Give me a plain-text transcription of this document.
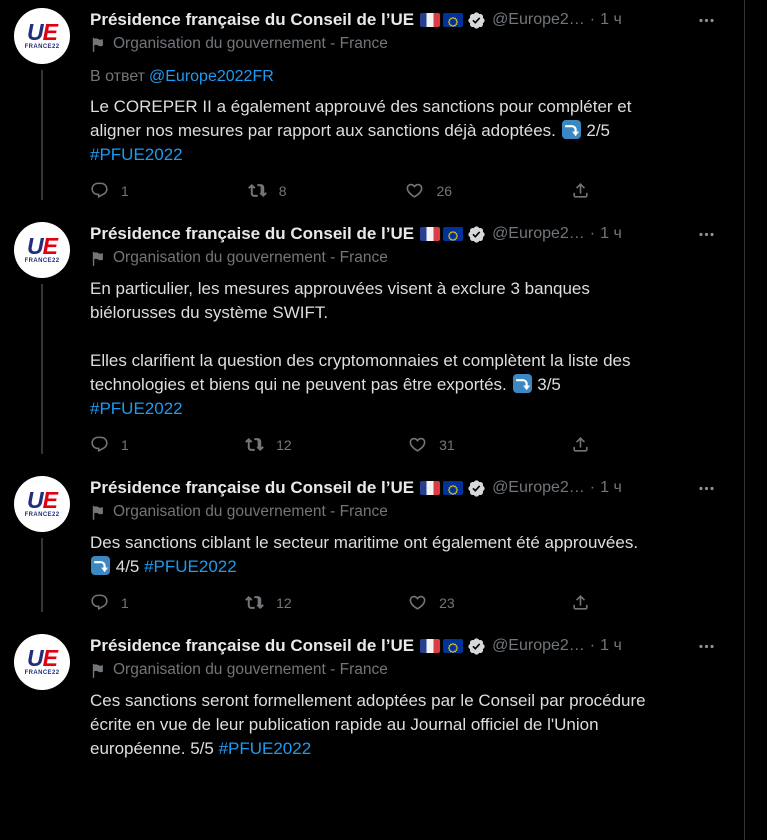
UE
FRANCE22
Présidence française du Conseil de l’UE	@Europe2… · 1 ч
Organisation du gouvernement - France
В ответ @Europe2022FR
Le COREPER II a également approuvé des sanctions pour compléter et
aligner nos mesures par rapport aux sanctions déjà adoptées.  2/5
#PFUE2022
1	8	26
UE
FRANCE22
Présidence française du Conseil de l’UE	@Europe2… · 1 ч
Organisation du gouvernement - France
En particulier, les mesures approuvées visent à exclure 3 banques
biélorusses du système SWIFT.

Elles clarifient la question des cryptomonnaies et complètent la liste des
technologies et biens qui ne peuvent pas être exportés.  3/5
#PFUE2022
1	12	31
UE
FRANCE22
Présidence française du Conseil de l’UE	@Europe2… · 1 ч
Organisation du gouvernement - France
Des sanctions ciblant le secteur maritime ont également été approuvées.
4/5 #PFUE2022
1	12	23
UE
FRANCE22
Présidence française du Conseil de l’UE	@Europe2… · 1 ч
Organisation du gouvernement - France
Ces sanctions seront formellement adoptées par le Conseil par procédure
écrite en vue de leur publication rapide au Journal officiel de l'Union
européenne. 5/5 #PFUE2022
